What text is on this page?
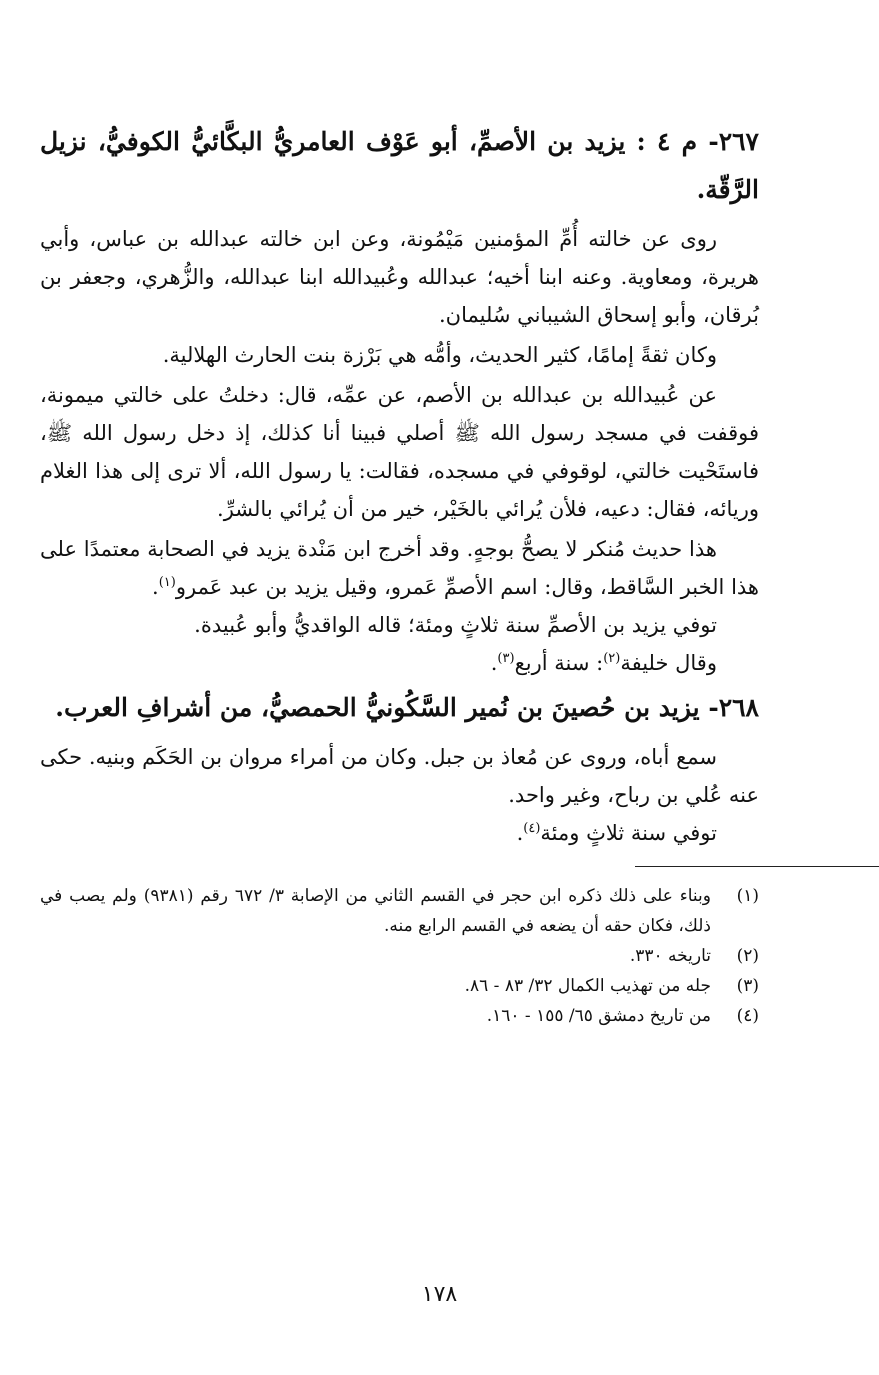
٢٦٧- م ٤ : يزيد بن الأصمِّ، أبو عَوْف العامريُّ البكَّائيُّ الكوفيُّ، نزيل الرَّقّة.

روى عن خالته أُمِّ المؤمنين مَيْمُونة، وعن ابن خالته عبدالله بن عباس، وأبي هريرة، ومعاوية. وعنه ابنا أخيه؛ عبدالله وعُبيدالله ابنا عبدالله، والزُّهري، وجعفر بن بُرقان، وأبو إسحاق الشيباني سُليمان.

وكان ثقةً إمامًا، كثير الحديث، وأمُّه هي بَرْزة بنت الحارث الهلالية.

عن عُبيدالله بن عبدالله بن الأصم، عن عمِّه، قال: دخلتُ على خالتي ميمونة، فوقفت في مسجد رسول الله ﷺ أصلي فبينا أنا كذلك، إذ دخل رسول الله ﷺ، فاستَحْيت خالتي، لوقوفي في مسجده، فقالت: يا رسول الله، ألا ترى إلى هذا الغلام وريائه، فقال: دعيه، فلأن يُرائي بالخَيْر، خير من أن يُرائي بالشرِّ.

هذا حديث مُنكر لا يصحُّ بوجهٍ. وقد أخرج ابن مَنْدة يزيد في الصحابة معتمدًا على هذا الخبر السَّاقط، وقال: اسم الأصمِّ عَمرو، وقيل يزيد بن عبد عَمرو$^{(١)}$.

توفي يزيد بن الأصمِّ سنة ثلاثٍ ومئة؛ قاله الواقديُّ وأبو عُبيدة.

وقال خليفة$^{(٢)}$: سنة أربع$^{(٣)}$.

٢٦٨- يزيد بن حُصينَ بن نُمير السَّكُونيُّ الحمصيُّ، من أشرافِ العرب.

سمع أباه، وروى عن مُعاذ بن جبل. وكان من أمراء مروان بن الحَكَم وبنيه. حكى عنه عُلي بن رباح، وغير واحد.

توفي سنة ثلاثٍ ومئة$^{(٤)}$.

(١)
وبناء على ذلك ذكره ابن حجر في القسم الثاني من الإصابة ٣/ ٦٧٢ رقم (٩٣٨١) ولم يصب في ذلك، فكان حقه أن يضعه في القسم الرابع منه.
(٢)
تاريخه ٣٣٠.
(٣)
جله من تهذيب الكمال ٣٢/ ٨٣ - ٨٦.
(٤)
من تاريخ دمشق ٦٥/ ١٥٥ - ١٦٠.
١٧٨
